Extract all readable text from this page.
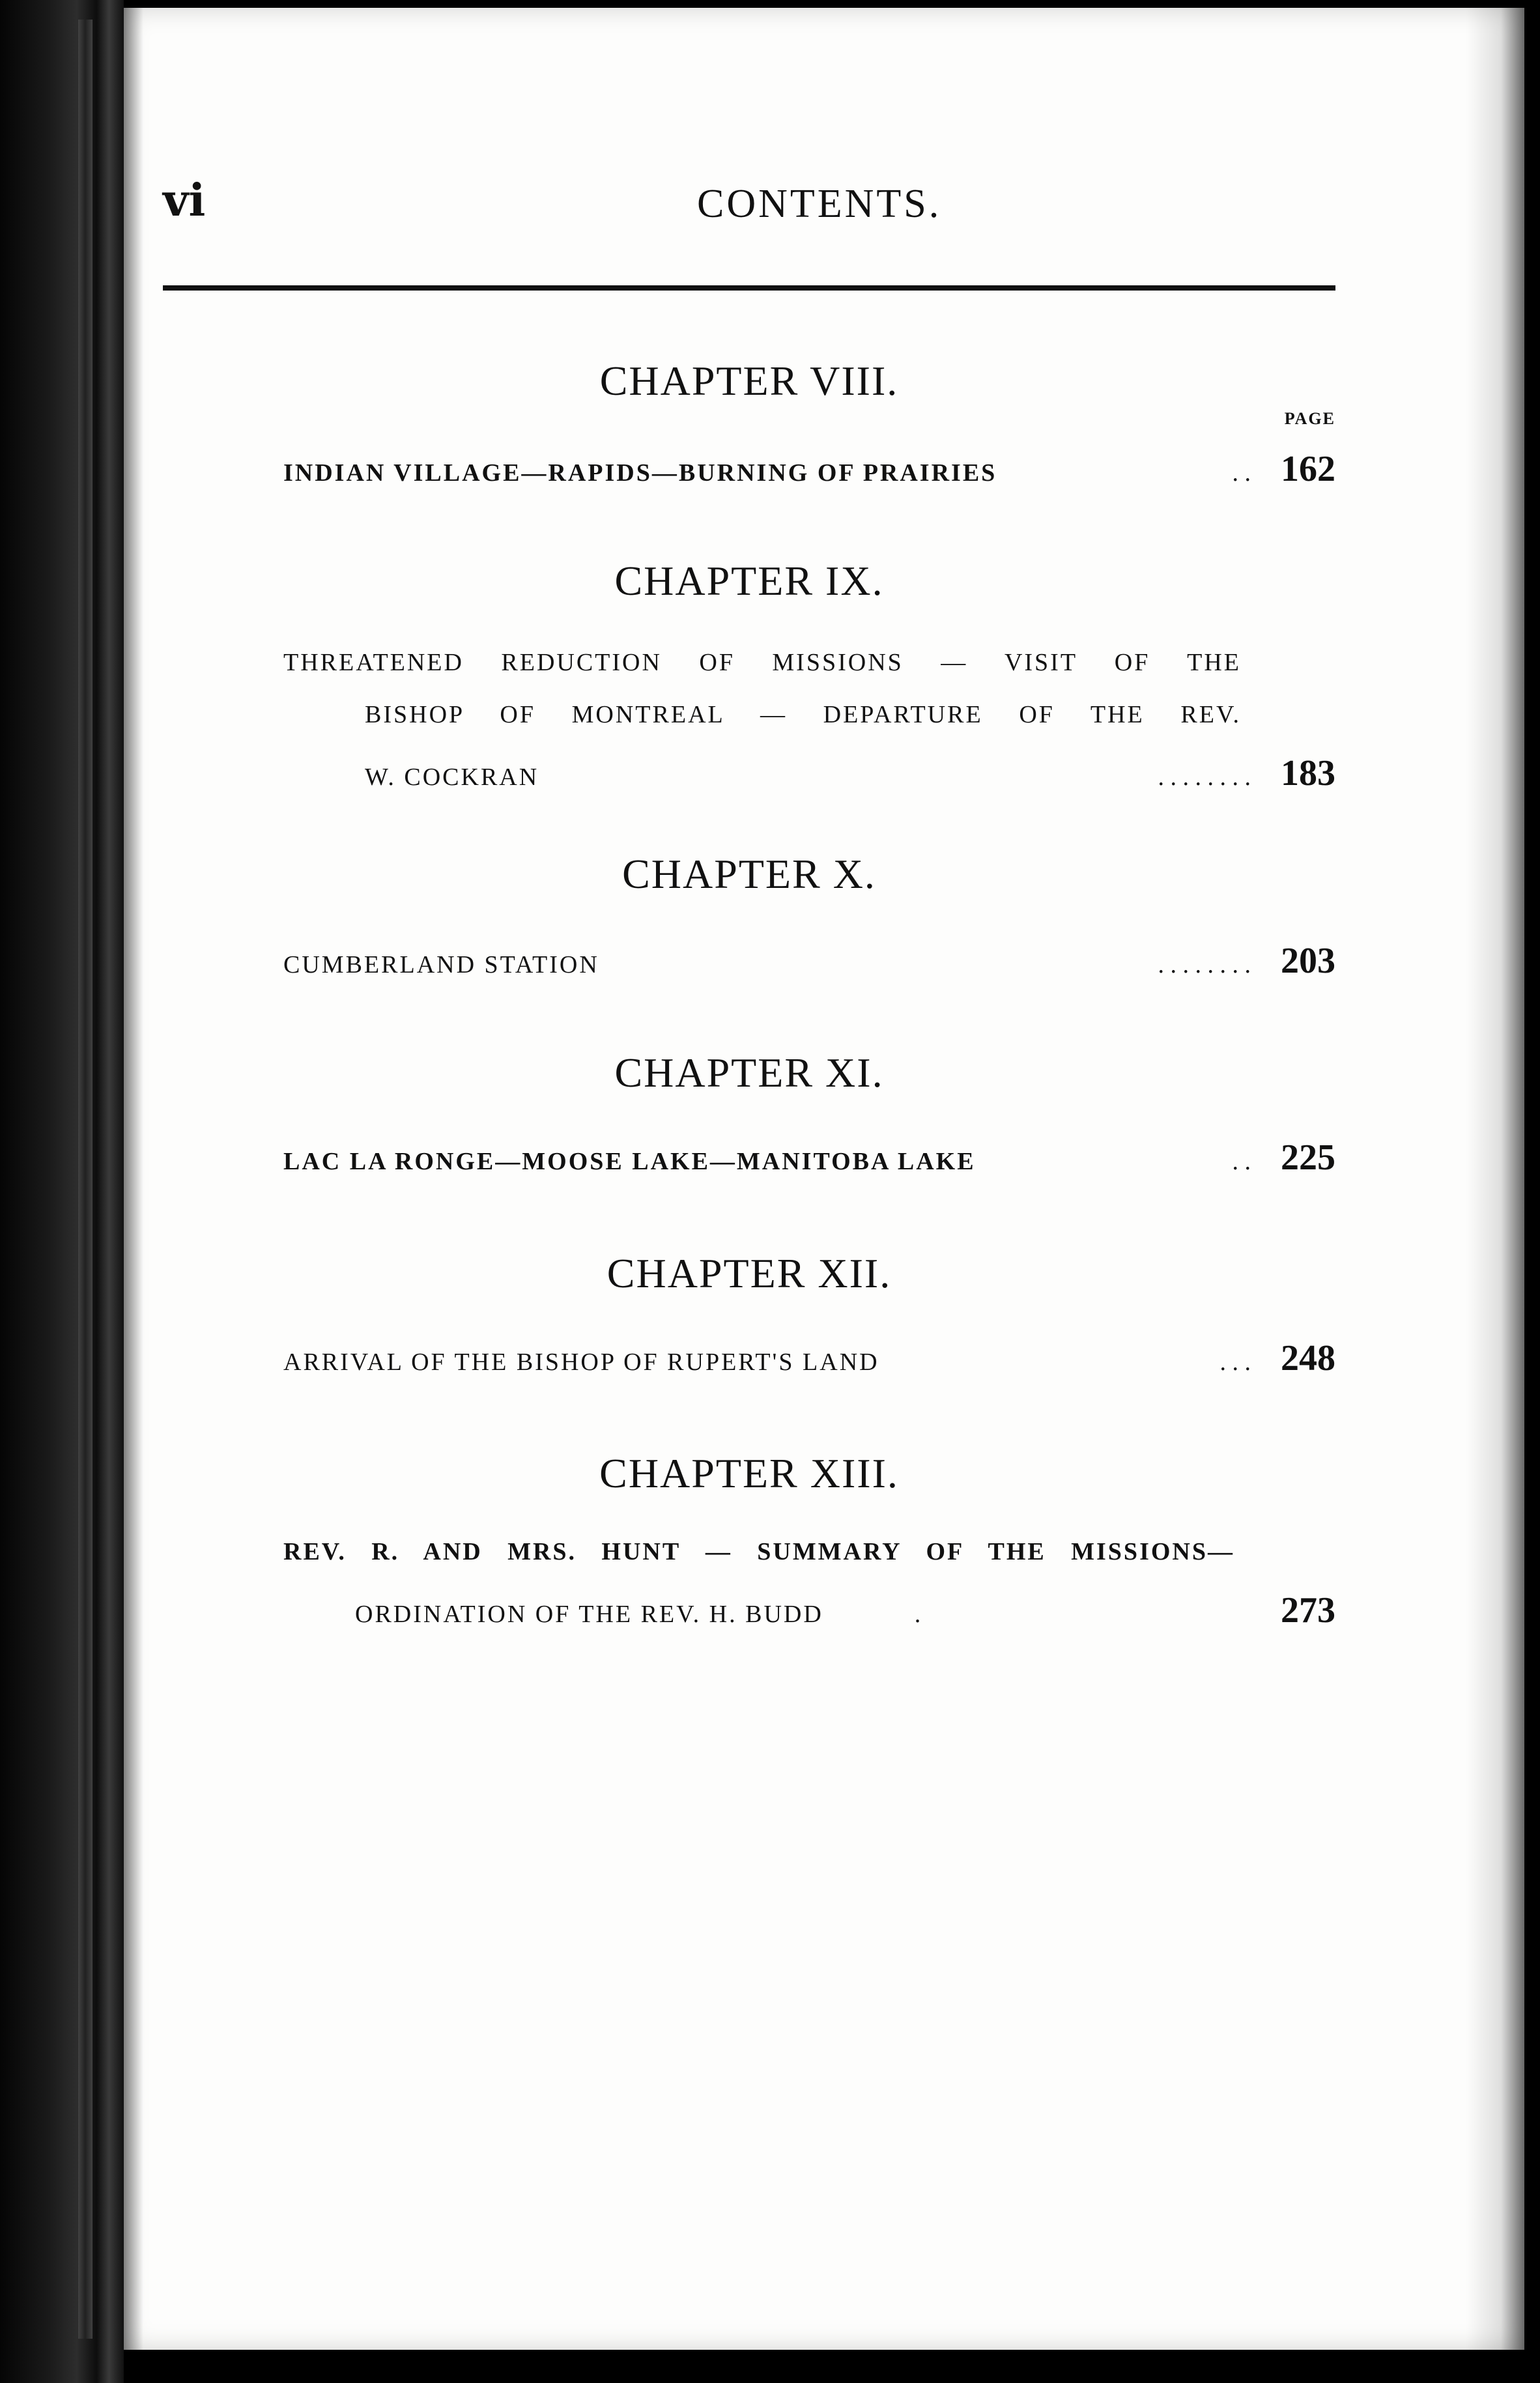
vi	CONTENTS.
CHAPTER VIII.
PAGE
INDIAN VILLAGE—RAPIDS—BURNING OF PRAIRIES	. . 162
CHAPTER IX.
THREATENED REDUCTION OF MISSIONS — VISIT OF THE
BISHOP OF MONTREAL — DEPARTURE OF THE REV.
W. COCKRAN	. . . . . . . . 183
CHAPTER X.
CUMBERLAND STATION	. . . . . . . . 203
CHAPTER XI.
LAC LA RONGE—MOOSE LAKE—MANITOBA LAKE	. . 225
CHAPTER XII.
ARRIVAL OF THE BISHOP OF RUPERT'S LAND	. . . 248
CHAPTER XIII.
REV. R. AND MRS. HUNT — SUMMARY OF THE MISSIONS—
ORDINATION OF THE REV. H. BUDD	.	273
